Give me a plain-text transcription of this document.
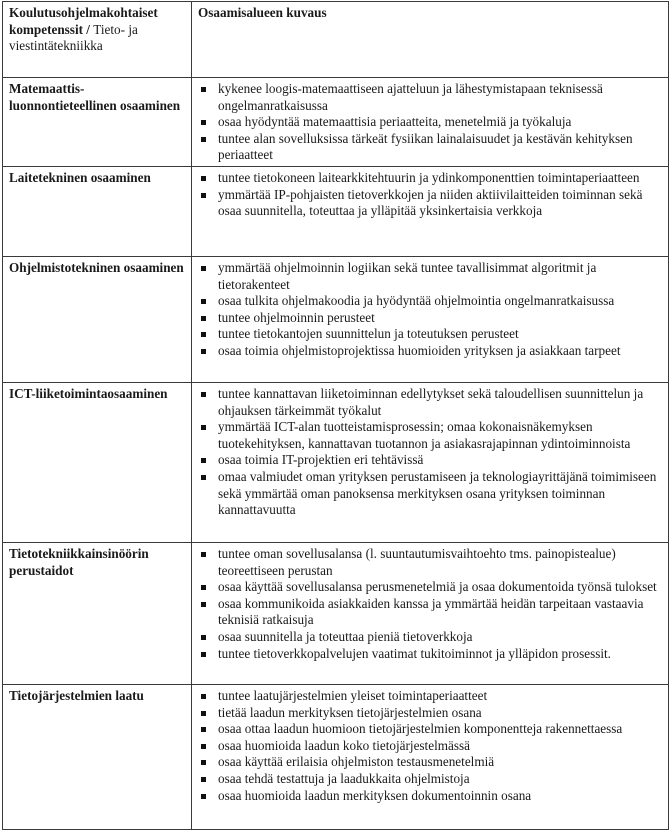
Koulutusohjelmakohtaiset kompetenssit / Tieto- ja viestintätekniikka	Osaamisalueen kuvaus
Matemaattis-luonnontieteellinen osaaminen	
kykenee loogis-matemaattiseen ajatteluun ja lähestymistapaan teknisessä ongelmanratkaisussa
osaa hyödyntää matemaattisia periaatteita, menetelmiä ja työkaluja
tuntee alan sovelluksissa tärkeät fysiikan lainalaisuudet ja kestävän kehityksen periaatteet

Laitetekninen osaaminen	tuntee tietokoneen laitearkkitehtuurin ja ydinkomponenttien toimintaperiaatteen
ymmärtää IP-pohjaisten tietoverkkojen ja niiden aktiivilaitteiden toiminnan sekä osaa suunnitella, toteuttaa ja ylläpitää yksinkertaisia verkkoja

Ohjelmistotekninen osaaminen	ymmärtää ohjelmoinnin logiikan sekä tuntee tavallisimmat algoritmit ja tietorakenteet
osaa tulkita ohjelmakoodia ja hyödyntää ohjelmointia ongelmanratkaisussa
tuntee ohjelmoinnin perusteet
tuntee tietokantojen suunnittelun ja toteutuksen perusteet
osaa toimia ohjelmistoprojektissa huomioiden yrityksen ja asiakkaan tarpeet

ICT-liiketoimintaosaaminen	tuntee kannattavan liiketoiminnan edellytykset sekä taloudellisen suunnittelun ja ohjauksen tärkeimmät työkalut
ymmärtää ICT-alan tuotteistamisprosessin; omaa kokonaisnäkemyksen tuotekehityksen, kannattavan tuotannon ja asiakasrajapinnan ydintoiminnoista
osaa toimia IT-projektien eri tehtävissä
omaa valmiudet oman yrityksen perustamiseen ja teknologiayrittäjänä toimimiseen sekä ymmärtää oman panoksensa merkityksen osana yrityksen toiminnan kannattavuutta

Tietotekniikkainsinöörin perustaidot	
tuntee oman sovellusalansa (l. suuntautumisvaihtoehto tms. painopistealue) teoreettiseen perustan
osaa käyttää sovellusalansa perusmenetelmiä ja osaa dokumentoida työnsä tulokset
osaa kommunikoida asiakkaiden kanssa ja ymmärtää heidän tarpeitaan vastaavia teknisiä ratkaisuja
osaa suunnitella ja toteuttaa pieniä tietoverkkoja
tuntee tietoverkkopalvelujen vaatimat tukitoiminnot ja ylläpidon prosessit.

Tietojärjestelmien laatu	tuntee laatujärjestelmien yleiset toimintaperiaatteet
tietää laadun merkityksen tietojärjestelmien osana
osaa ottaa laadun huomioon tietojärjestelmien komponentteja rakennettaessa
osaa huomioida laadun koko tietojärjestelmässä
osaa käyttää erilaisia ohjelmiston testausmenetelmiä
osaa tehdä testattuja ja laadukkaita ohjelmistoja
osaa huomioida laadun merkityksen dokumentoinnin osana
